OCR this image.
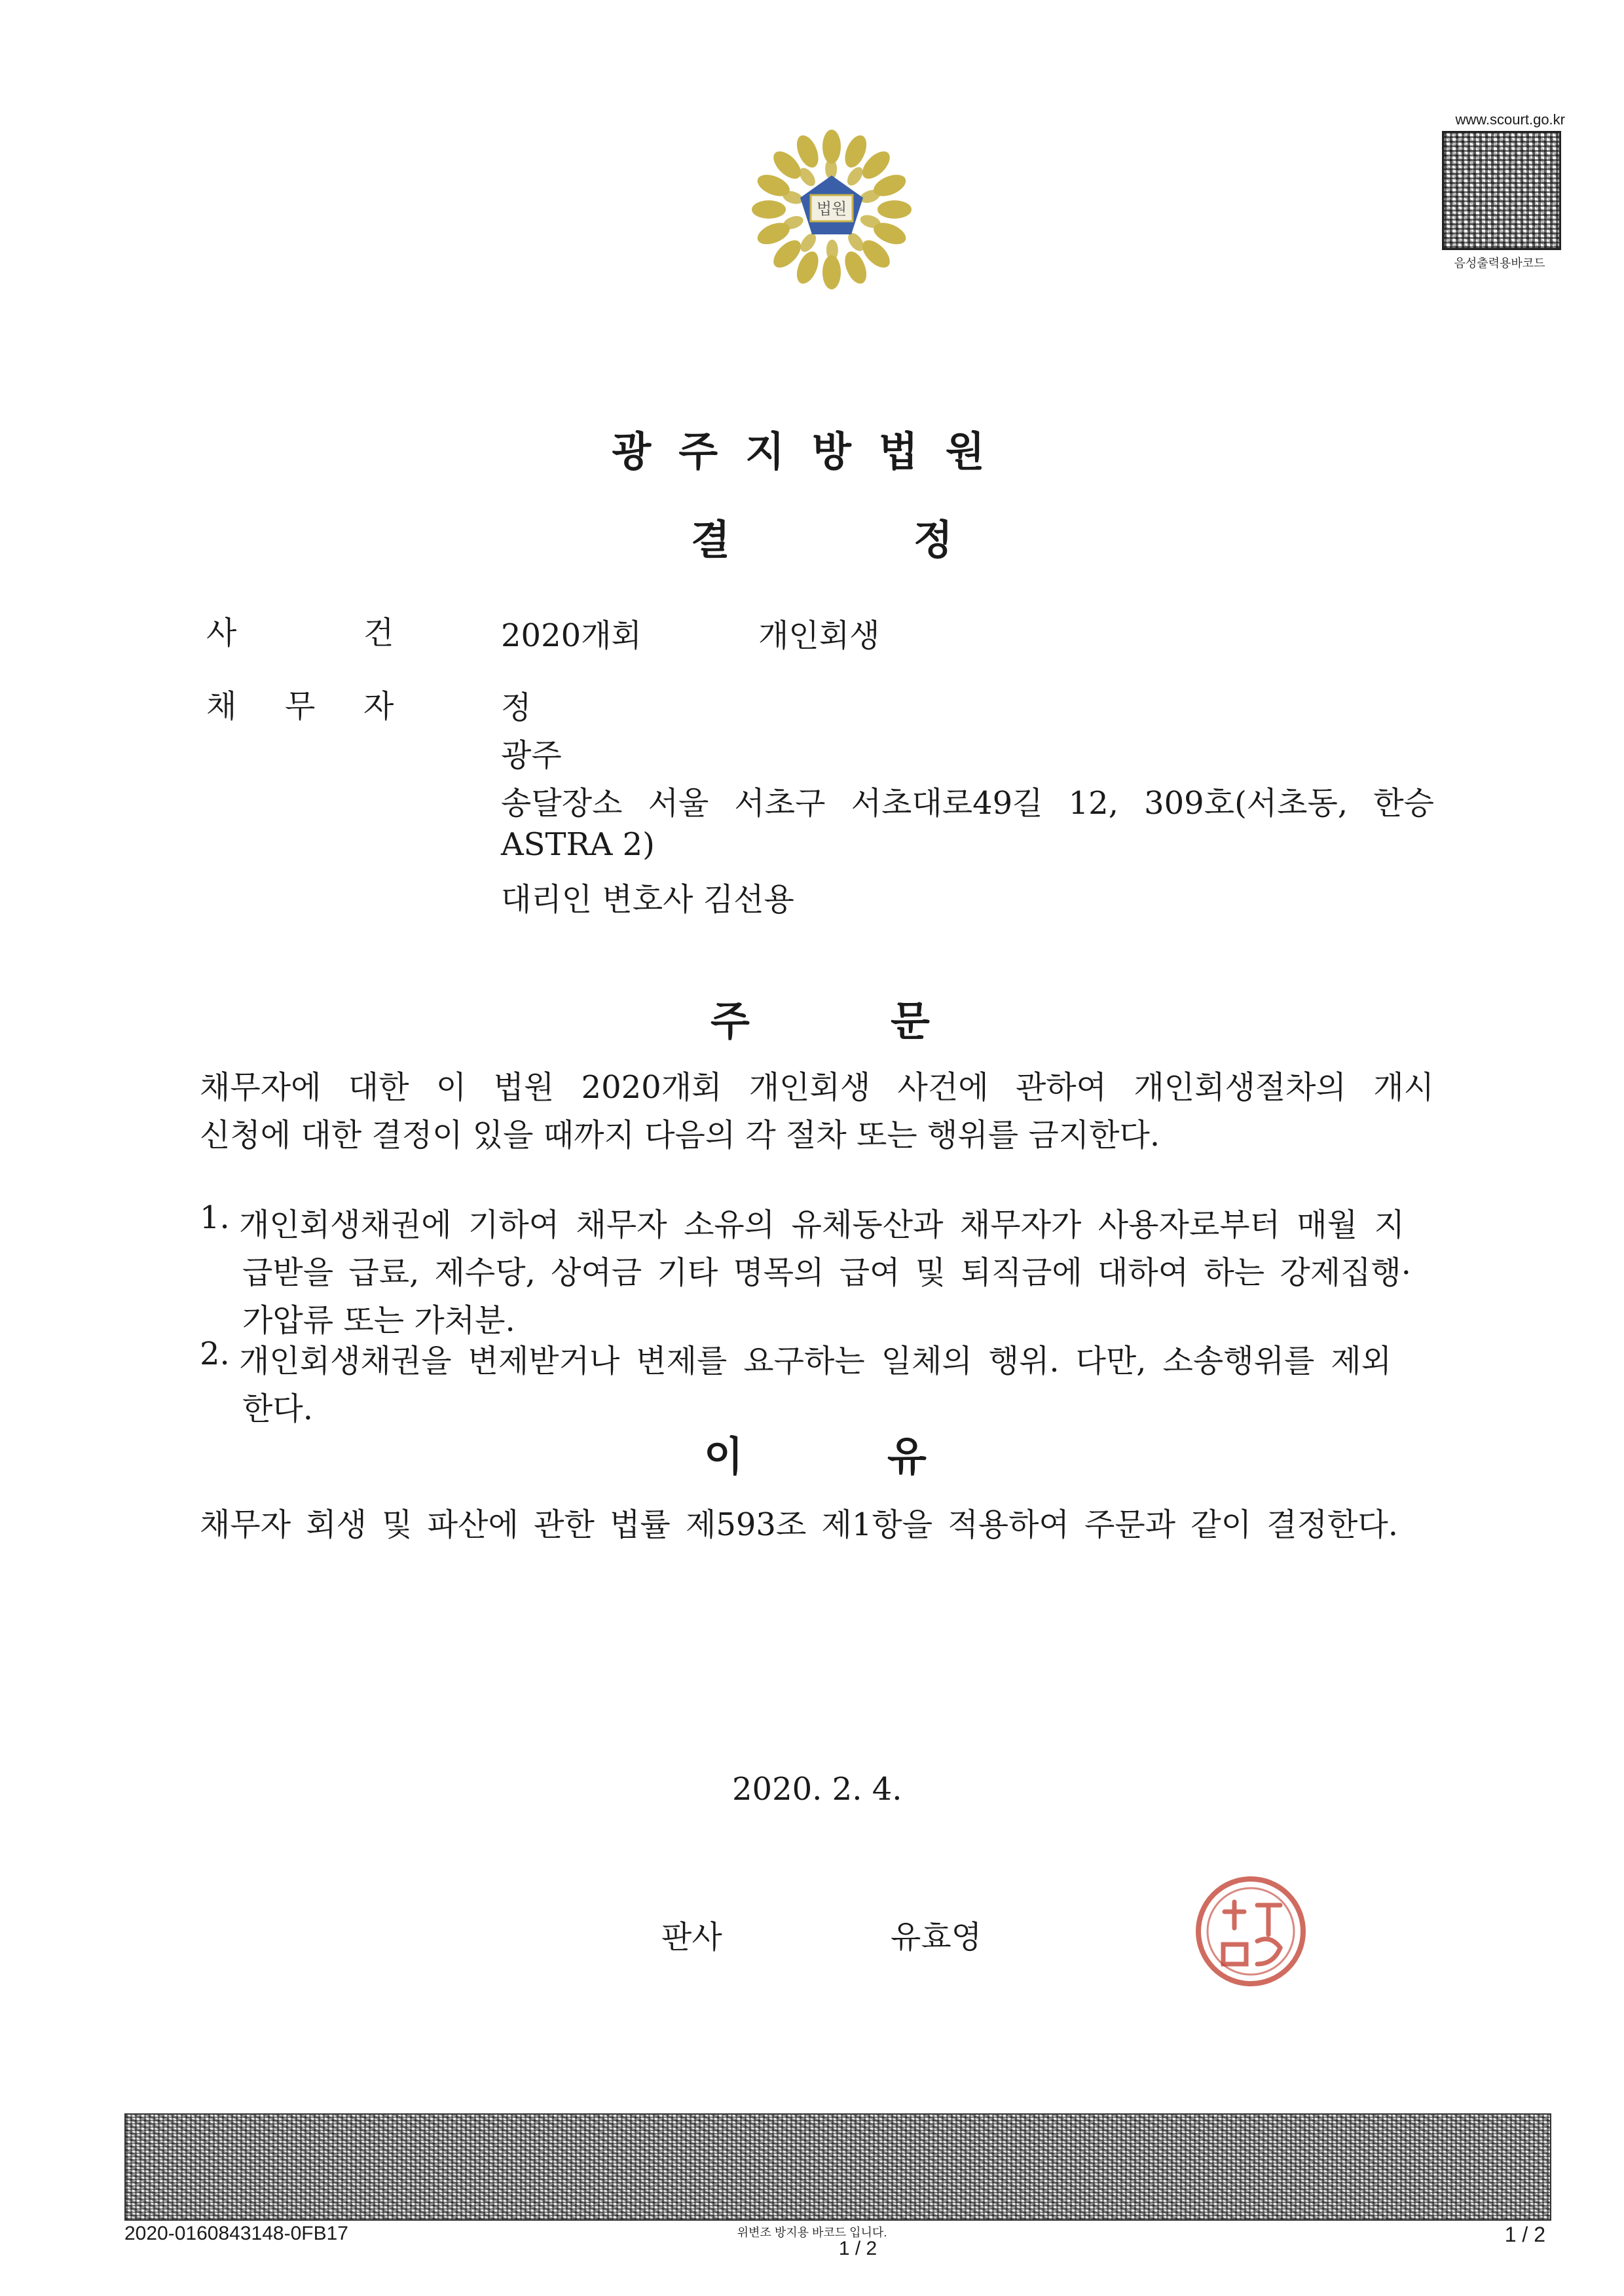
법원
www.scourt.go.kr
음성출력용바코드
광주지방법원
결	정
사	건	2020개회	개인회생
채 무 자	정
광주
송달장소 서울 서초구 서초대로49길 12, 309호(서초동, 한승
ASTRA 2)
대리인 변호사 김선용
주	문
채무자에 대한 이 법원 2020개회 개인회생 사건에 관하여 개인회생절차의 개시
신청에 대한 결정이 있을 때까지 다음의 각 절차 또는 행위를 금지한다.
1. 개인회생채권에 기하여 채무자 소유의 유체동산과 채무자가 사용자로부터 매월 지
급받을 급료, 제수당, 상여금 기타 명목의 급여 및 퇴직금에 대하여 하는 강제집행·
가압류 또는 가처분.
2. 개인회생채권을 변제받거나 변제를 요구하는 일체의 행위. 다만, 소송행위를 제외
한다.
이	유
채무자 회생 및 파산에 관한 법률 제593조 제1항을 적용하여 주문과 같이 결정한다.
2020. 2. 4.
판사	유효영
2020-0160843148-0FB17	위변조 방지용 바코드 입니다.
1 / 2
1 / 2
